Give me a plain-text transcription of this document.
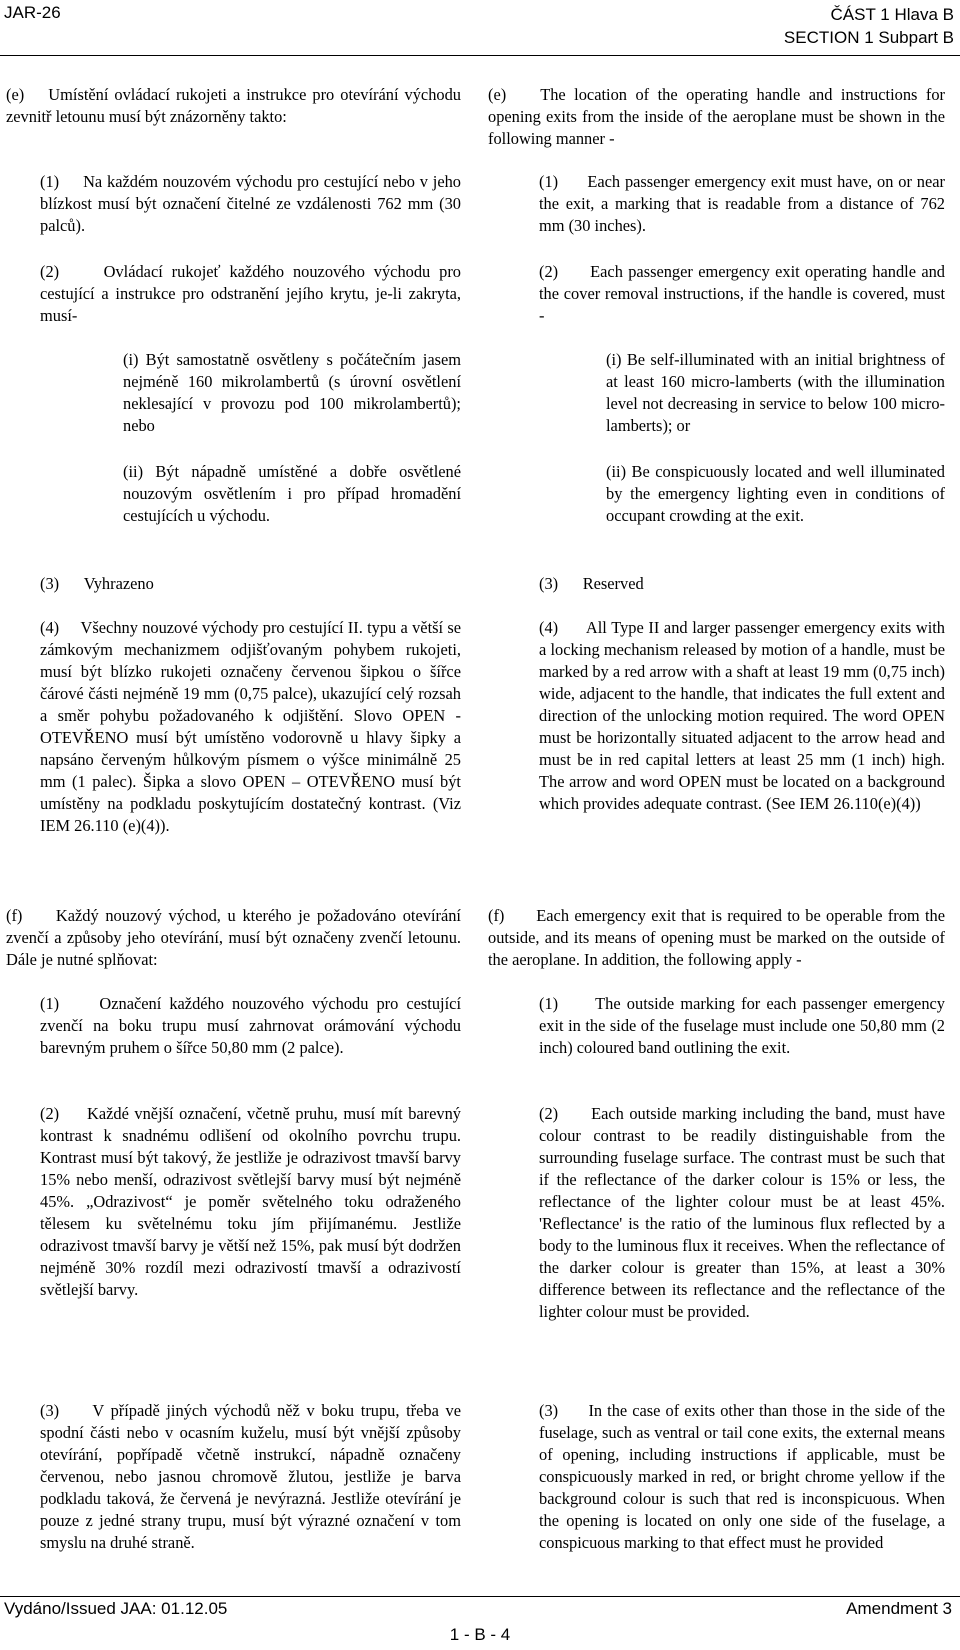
JAR-26	ČÁST 1 Hlava B
SECTION 1 Subpart B
(e)    Umístění ovládací rukojeti a instrukce pro otevírání východu zevnitř letounu musí být znázorněny takto:
(1)     Na každém nouzovém východu pro cestující nebo v jeho blízkost musí být označení čitelné ze vzdálenosti 762 mm (30 palců).
(2)     Ovládací rukojeť každého nouzového východu pro cestující a instrukce pro odstranění jejího krytu, je-li zakryta, musí-
(i) Být samostatně osvětleny s počátečním jasem nejméně 160 mikrolambertů (s úrovní osvětlení neklesající v provozu pod 100 mikrolambertů); nebo
(ii) Být nápadně umístěné a dobře osvětlené nouzovým osvětlením i pro případ hromadění cestujících u východu.
(3)      Vyhrazeno
(4)     Všechny nouzové východy pro cestující II. typu a větší se zámkovým mechanizmem odjišťovaným pohybem rukojeti, musí být blízko rukojeti označeny červenou šipkou o šířce čárové části nejméně 19 mm (0,75 palce), ukazující celý rozsah a směr pohybu požadovaného k odjištění. Slovo OPEN - OTEVŘENO musí být umístěno vodorovně u hlavy šipky a napsáno červeným hůlkovým písmem o výšce minimálně 25 mm (1 palec). Šipka a slovo OPEN – OTEVŘENO musí být umístěny na podkladu poskytujícím dostatečný kontrast. (Viz IEM 26.110 (e)(4)).
(f)     Každý nouzový východ, u kterého je požadováno otevírání zvenčí a způsoby jeho otevírání, musí být označeny zvenčí letounu. Dále je nutné splňovat:
(1)     Označení každého nouzového východu pro cestující zvenčí na boku trupu musí zahrnovat orámování východu barevným pruhem o šířce 50,80 mm (2 palce).
(2)     Každé vnější označení, včetně pruhu, musí mít barevný kontrast k snadnému odlišení od okolního povrchu trupu. Kontrast musí být takový, že jestliže je odrazivost tmavší barvy 15% nebo menší, odrazivost světlejší barvy musí být nejméně 45%. „Odrazivost“ je poměr světelného toku odraženého tělesem ku světelnému toku jím přijímanému. Jestliže odrazivost tmavší barvy je větší než 15%, pak musí být dodržen nejméně 30% rozdíl mezi odrazivostí tmavší a odrazivostí světlejší barvy.
(3)     V případě jiných východů něž v boku trupu, třeba ve spodní části nebo v ocasním kuželu, musí být vnější způsoby otevírání, popřípadě včetně instrukcí, nápadně označeny červenou, nebo jasnou chromově žlutou, jestliže je barva podkladu taková, že červená je nevýrazná. Jestliže otevírání je pouze z jedné strany trupu, musí být výrazné označení v tom smyslu na druhé straně.
(e)    The location of the operating handle and instructions for opening exits from the inside of the aeroplane must be shown in the following manner -
(1)      Each passenger emergency exit must have, on or near the exit, a marking that is readable from a distance of 762 mm (30 inches).
(2)      Each passenger emergency exit operating handle and the cover removal instructions, if the handle is covered, must -
(i) Be self-illuminated with an initial brightness of at least 160 micro-lamberts (with the illumination level not decreasing in service to below 100 micro-lamberts); or
(ii) Be conspicuously located and well illuminated by the emergency lighting even in conditions of occupant crowding at the exit.
(3)      Reserved
(4)      All Type II and larger passenger emergency exits with a locking mechanism released by motion of a handle, must be marked by a red arrow with a shaft at least 19 mm (0,75 inch) wide, adjacent to the handle, that indicates the full extent and direction of the unlocking motion required. The word OPEN must be horizontally situated adjacent to the arrow head and must be in red capital letters at least 25 mm (1 inch) high. The arrow and word OPEN must be located on a background which provides adequate contrast. (See IEM 26.110(e)(4))
(f)      Each emergency exit that is required to be operable from the outside, and its means of opening must be marked on the outside of the aeroplane. In addition, the following apply -
(1)      The outside marking for each passenger emergency exit in the side of the fuselage must include one 50,80 mm (2 inch) coloured band outlining the exit.
(2)      Each outside marking including the band, must have colour contrast to be readily distinguishable from the surrounding fuselage surface. The contrast must be such that if the reflectance of the darker colour is 15% or less, the reflectance of the lighter colour must be at least 45%. 'Reflectance' is the ratio of the luminous flux reflected by a body to the luminous flux it receives. When the reflectance of the darker colour is greater than 15%, at least a 30% difference between its reflectance and the reflectance of the lighter colour must be provided.
(3)      In the case of exits other than those in the side of the fuselage, such as ventral or tail cone exits, the external means of opening, including instructions if applicable, must be conspicuously marked in red, or bright chrome yellow if the background colour is such that red is inconspicuous. When the opening is located on only one side of the fuselage, a conspicuous marking to that effect must he provided
Vydáno/Issued JAA: 01.12.05	Amendment 3
1 - B - 4
